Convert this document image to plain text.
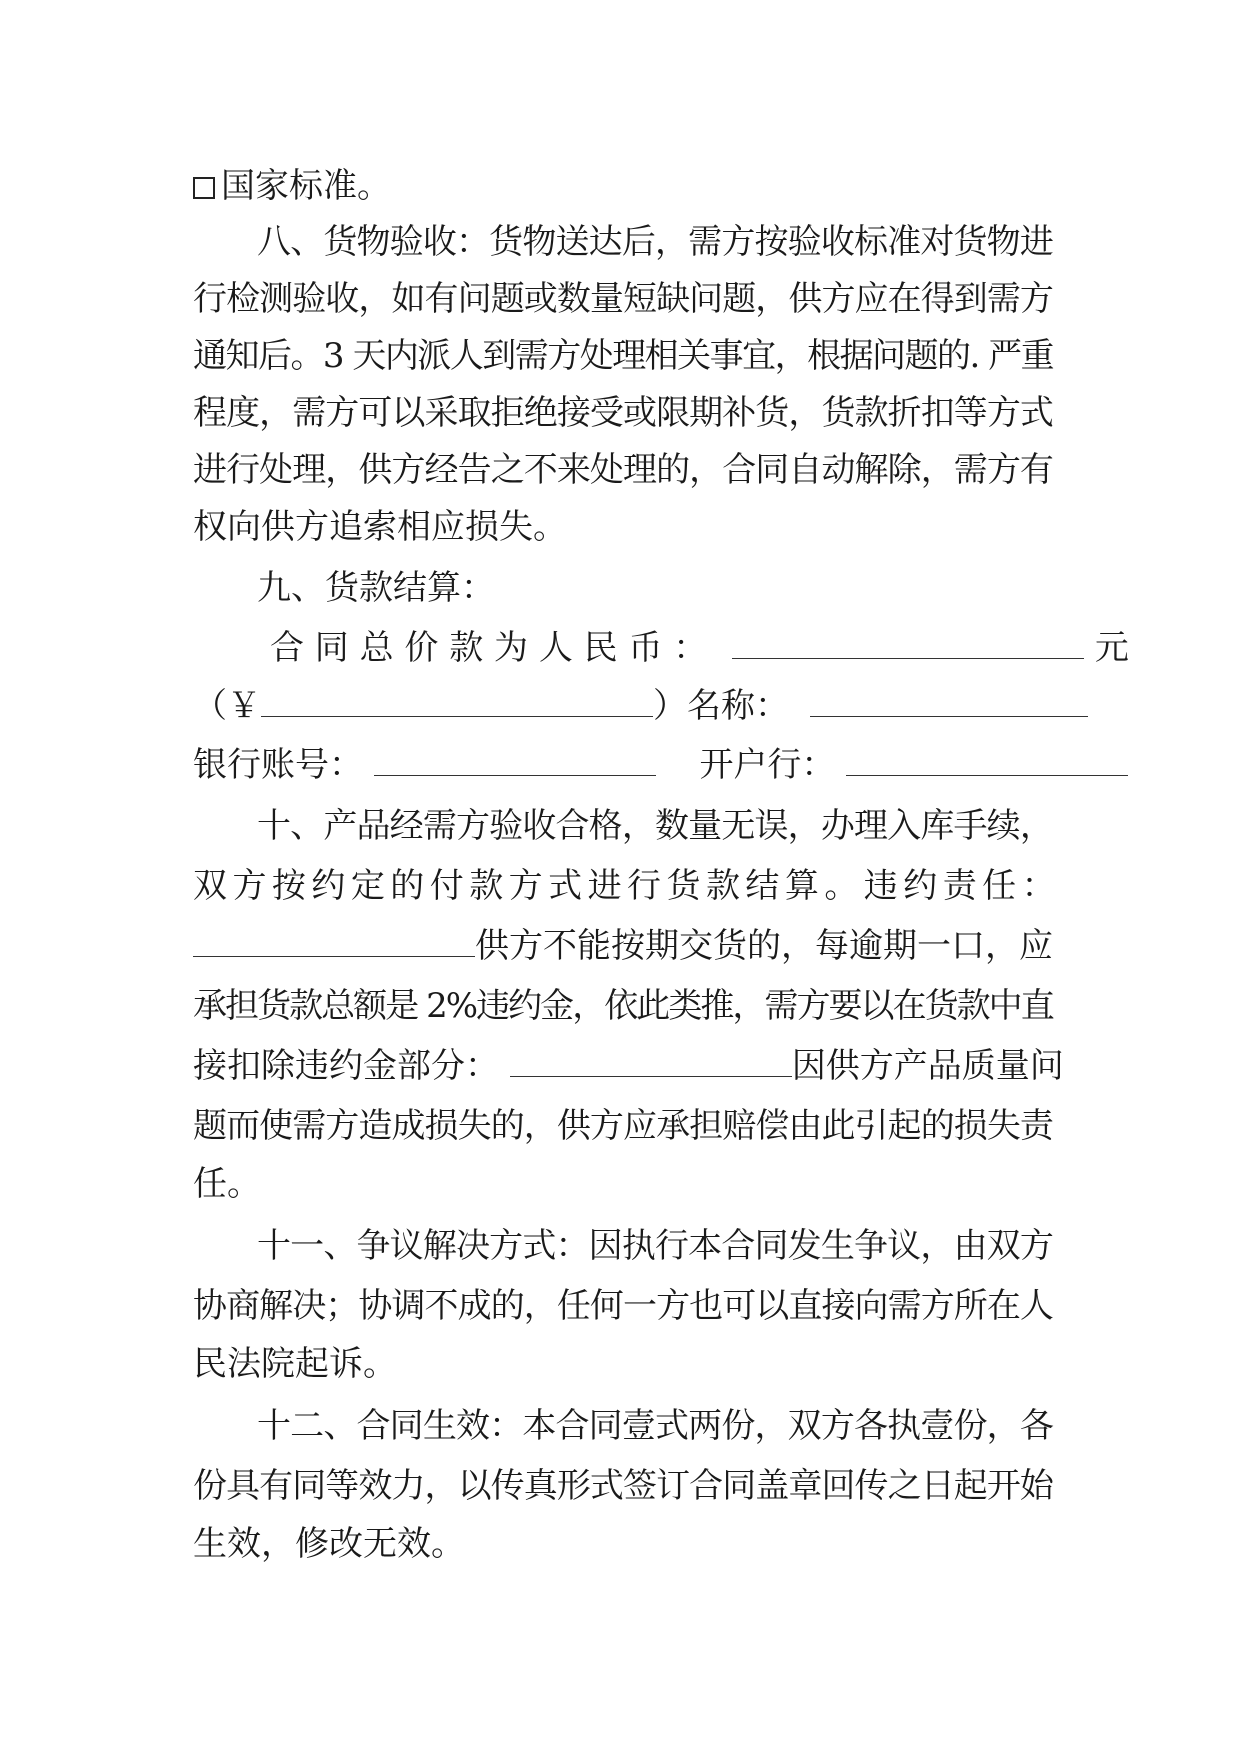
国家标准。
八、货物验收：货物送达后，需方按验收标准对货物进
行检测验收，如有问题或数量短缺问题，供方应在得到需方
通知后。3 天内派人到需方处理相关事宜，根据问题的. 严重
程度，需方可以采取拒绝接受或限期补货，货款折扣等方式
进行处理，供方经告之不来处理的，合同自动解除，需方有
权向供方追索相应损失。
九、货款结算：
合 同 总 价 款 为 人 民 币 ：	元
（￥	）名称：
银行账号：	开户行：
十、产品经需方验收合格，数量无误，办理入库手续，
双 方 按 约 定 的 付 款 方 式 进 行 货 款 结 算 。 违 约 责 任 ：
供方不能按期交货的，每逾期一口，应
承担货款总额是 2%违约金，依此类推，需方要以在货款中直
接扣除违约金部分：	因供方产品质量问
题而使需方造成损失的，供方应承担赔偿由此引起的损失责
任。
十一、争议解决方式：因执行本合同发生争议，由双方
协商解决；协调不成的，任何一方也可以直接向需方所在人
民法院起诉。
十二、合同生效：本合同壹式两份，双方各执壹份，各
份具有同等效力，以传真形式签订合同盖章回传之日起开始
生效，修改无效。
